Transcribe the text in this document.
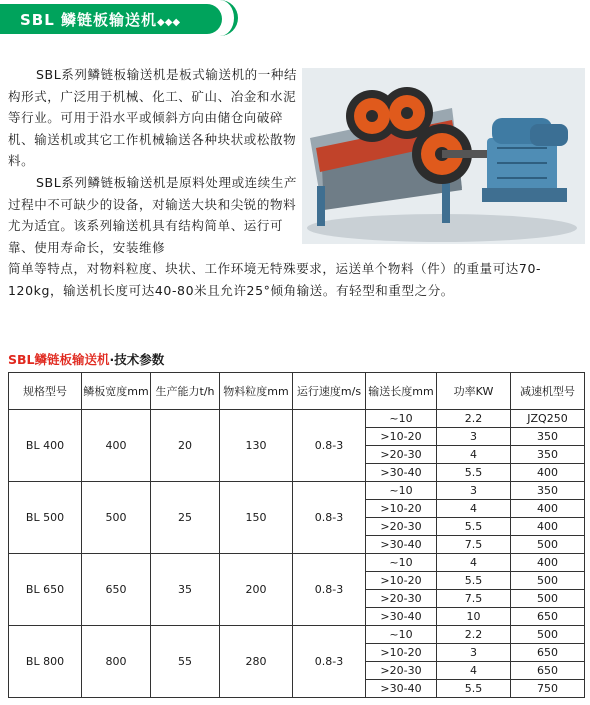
SBL 鳞链板输送机◆◆◆

SBL系列鳞链板输送机是板式输送机的一种结构形式，广泛用于机械、化工、矿山、冶金和水泥等行业。可用于沿水平或倾斜方向由储仓向破碎机、输送机或其它工作机械输送各种块状或松散物料。

SBL系列鳞链板输送机是原料处理或连续生产过程中不可缺少的设备，对输送大块和尖锐的物料尤为适宜。该系列输送机具有结构简单、运行可靠、使用寿命长，安装维修

简单等特点，对物料粒度、块状、工作环境无特殊要求，运送单个物料（件）的重量可达70-120kg，输送机长度可达40-80米且允许25°倾角输送。有轻型和重型之分。

SBL鳞链板输送机·技术参数
规格型号	鳞板宽度mm	生产能力t/h	物料粒度mm	运行速度m/s	输送长度mm	功率KW	减速机型号
BL 400	400	20	130	0.8-3	~10	2.2	JZQ250
					>10-20	3	350
					>20-30	4	350
					>30-40	5.5	400
BL 500	500	25	150	0.8-3	~10	3	350
					>10-20	4	400
					>20-30	5.5	400
					>30-40	7.5	500
BL 650	650	35	200	0.8-3	~10	4	400
					>10-20	5.5	500
					>20-30	7.5	500
					>30-40	10	650
BL 800	800	55	280	0.8-3	~10	2.2	500
					>10-20	3	650
					>20-30	4	650
					>30-40	5.5	750
